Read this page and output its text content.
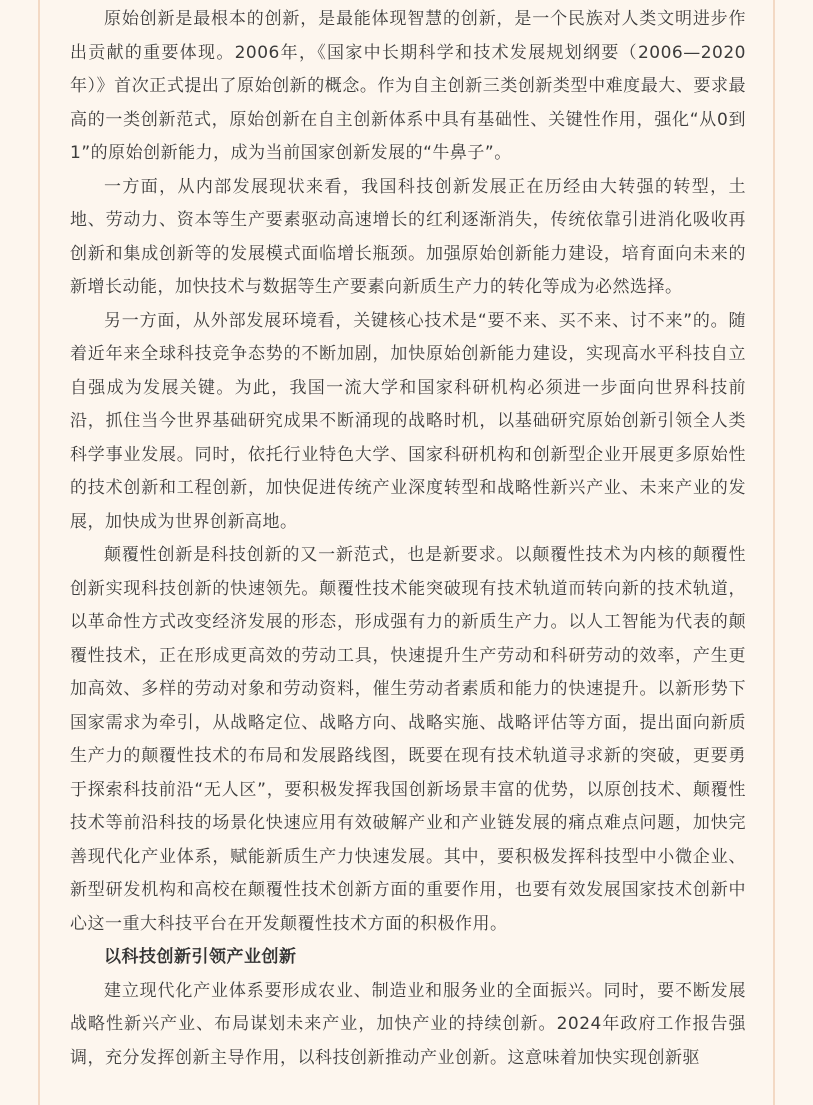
原始创新是最根本的创新，是最能体现智慧的创新，是一个民族对人类文明进步作出贡献的重要体现。2006年，《国家中长期科学和技术发展规划纲要（2006—2020年）》首次正式提出了原始创新的概念。作为自主创新三类创新类型中难度最大、要求最高的一类创新范式，原始创新在自主创新体系中具有基础性、关键性作用，强化“从0到1”的原始创新能力，成为当前国家创新发展的“牛鼻子”。

一方面，从内部发展现状来看，我国科技创新发展正在历经由大转强的转型，土地、劳动力、资本等生产要素驱动高速增长的红利逐渐消失，传统依靠引进消化吸收再创新和集成创新等的发展模式面临增长瓶颈。加强原始创新能力建设，培育面向未来的新增长动能，加快技术与数据等生产要素向新质生产力的转化等成为必然选择。

另一方面，从外部发展环境看，关键核心技术是“要不来、买不来、讨不来”的。随着近年来全球科技竞争态势的不断加剧，加快原始创新能力建设，实现高水平科技自立自强成为发展关键。为此，我国一流大学和国家科研机构必须进一步面向世界科技前沿，抓住当今世界基础研究成果不断涌现的战略时机，以基础研究原始创新引领全人类科学事业发展。同时，依托行业特色大学、国家科研机构和创新型企业开展更多原始性的技术创新和工程创新，加快促进传统产业深度转型和战略性新兴产业、未来产业的发展，加快成为世界创新高地。

颠覆性创新是科技创新的又一新范式，也是新要求。以颠覆性技术为内核的颠覆性创新实现科技创新的快速领先。颠覆性技术能突破现有技术轨道而转向新的技术轨道，以革命性方式改变经济发展的形态，形成强有力的新质生产力。以人工智能为代表的颠覆性技术，正在形成更高效的劳动工具，快速提升生产劳动和科研劳动的效率，产生更加高效、多样的劳动对象和劳动资料，催生劳动者素质和能力的快速提升。以新形势下国家需求为牵引，从战略定位、战略方向、战略实施、战略评估等方面，提出面向新质生产力的颠覆性技术的布局和发展路线图，既要在现有技术轨道寻求新的突破，更要勇于探索科技前沿“无人区”，要积极发挥我国创新场景丰富的优势，以原创技术、颠覆性技术等前沿科技的场景化快速应用有效破解产业和产业链发展的痛点难点问题，加快完善现代化产业体系，赋能新质生产力快速发展。其中，要积极发挥科技型中小微企业、新型研发机构和高校在颠覆性技术创新方面的重要作用，也要有效发展国家技术创新中心这一重大科技平台在开发颠覆性技术方面的积极作用。

以科技创新引领产业创新

建立现代化产业体系要形成农业、制造业和服务业的全面振兴。同时，要不断发展战略性新兴产业、布局谋划未来产业，加快产业的持续创新。2024年政府工作报告强调，充分发挥创新主导作用，以科技创新推动产业创新。这意味着加快实现创新驱
